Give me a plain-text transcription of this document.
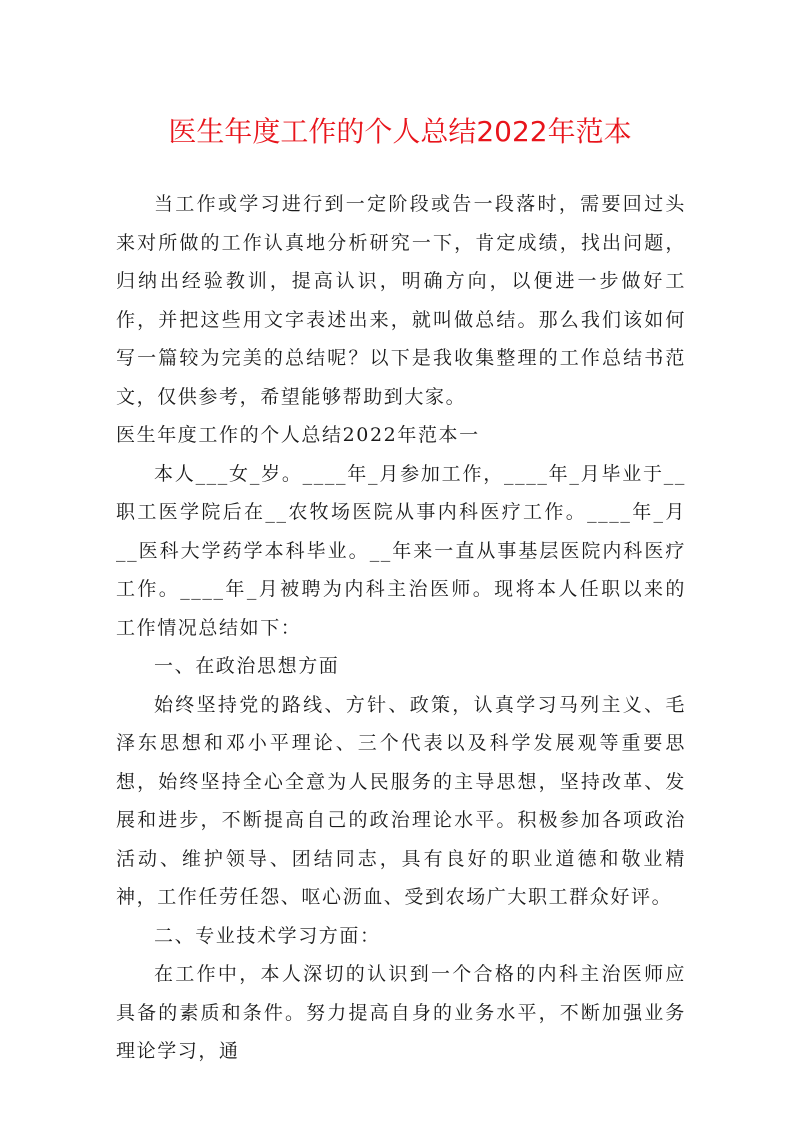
医生年度工作的个人总结2022年范本

当工作或学习进行到一定阶段或告一段落时，需要回过头来对所做的工作认真地分析研究一下，肯定成绩，找出问题，归纳出经验教训，提高认识，明确方向，以便进一步做好工作，并把这些用文字表述出来，就叫做总结。那么我们该如何写一篇较为完美的总结呢？以下是我收集整理的工作总结书范文，仅供参考，希望能够帮助到大家。

医生年度工作的个人总结2022年范本一

本人___女_岁。____年_月参加工作，____年_月毕业于__职工医学院后在__农牧场医院从事内科医疗工作。____年_月__医科大学药学本科毕业。__年来一直从事基层医院内科医疗工作。____年_月被聘为内科主治医师。现将本人任职以来的工作情况总结如下：

一、在政治思想方面

始终坚持党的路线、方针、政策，认真学习马列主义、毛泽东思想和邓小平理论、三个代表以及科学发展观等重要思想，始终坚持全心全意为人民服务的主导思想，坚持改革、发展和进步，不断提高自己的政治理论水平。积极参加各项政治活动、维护领导、团结同志，具有良好的职业道德和敬业精神，工作任劳任怨、呕心沥血、受到农场广大职工群众好评。

二、专业技术学习方面：

在工作中，本人深切的认识到一个合格的内科主治医师应具备的素质和条件。努力提高自身的业务水平，不断加强业务理论学习，通
